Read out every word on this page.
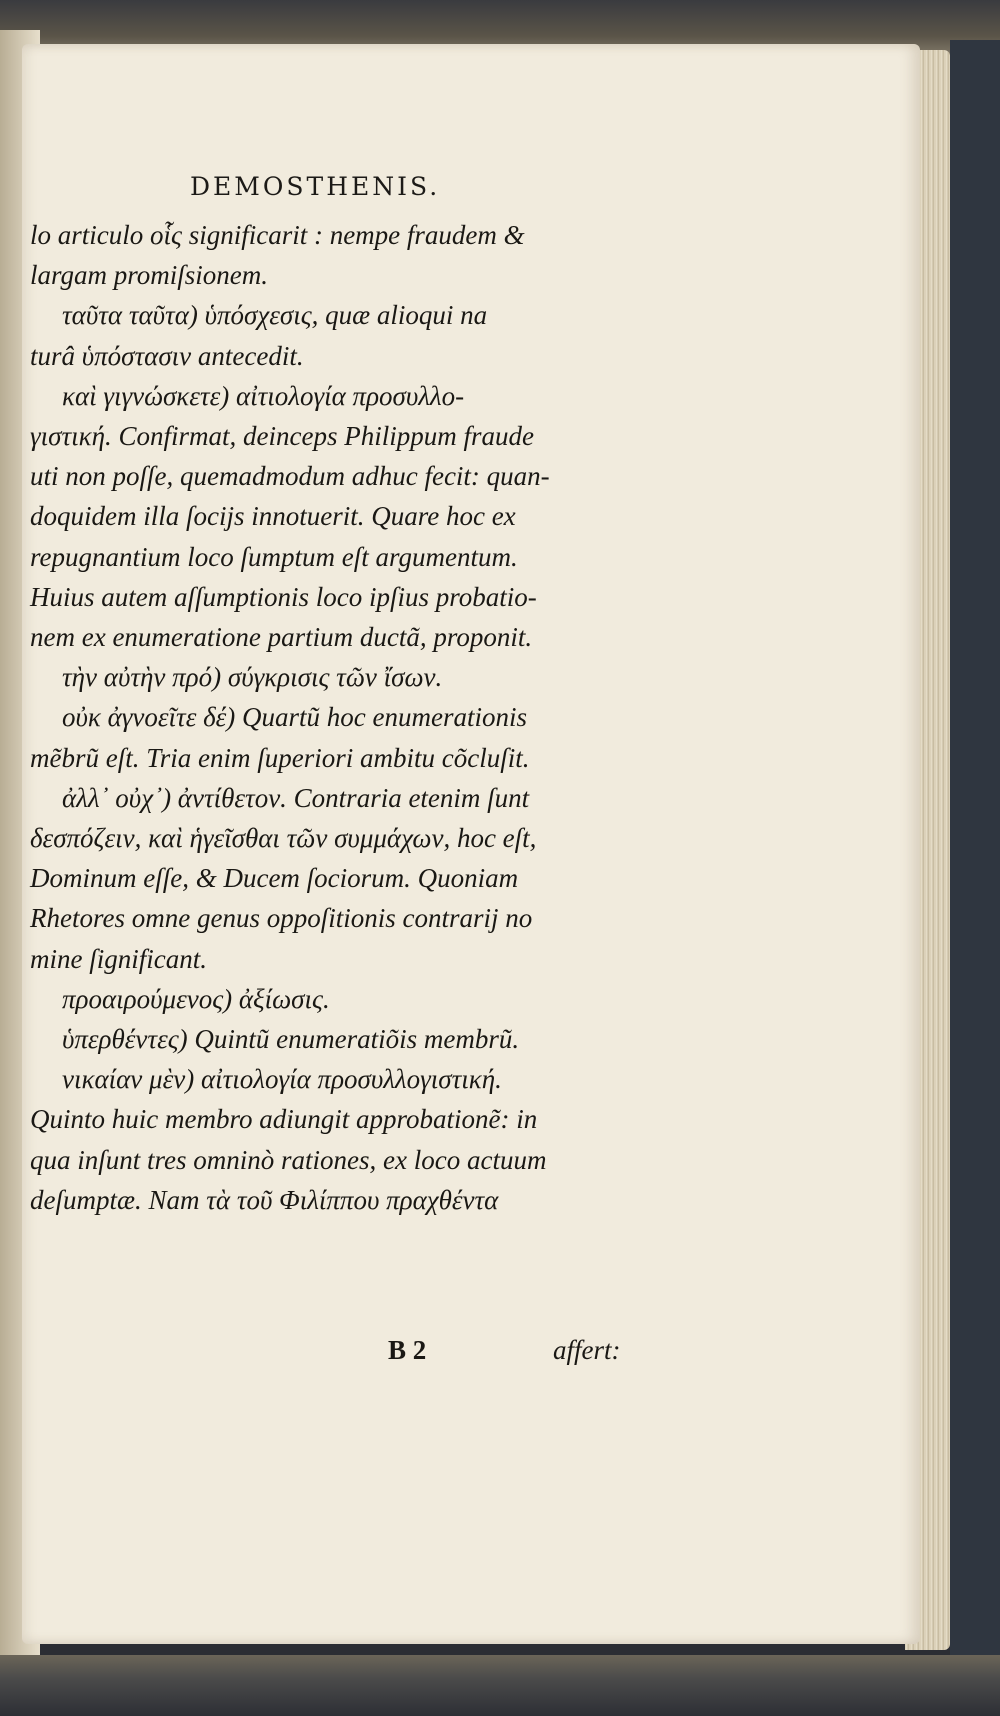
DEMOSTHENIS.
lo articulo οἷς significarit : nempe fraudem &
largam promiſsionem.
ταῦτα ταῦτα) ὑπόσχεσις, quæ alioqui na
turâ ὑπόστασιν antecedit.
καὶ γιγνώσκετε) αἰτιολογία προσυλλο-
γιστική. Confirmat, deinceps Philippum fraude
uti non poſſe, quemadmodum adhuc fecit: quan-
doquidem illa ſocijs innotuerit. Quare hoc ex
repugnantium loco ſumptum eſt argumentum.
Huius autem aſſumptionis loco ipſius probatio-
nem ex enumeratione partium ductã, proponit.
τὴν αὐτὴν πρό) σύγκρισις τῶν ἴσων.
οὐκ ἀγνοεῖτε δέ) Quartũ hoc enumerationis
mẽbrũ eſt. Tria enim ſuperiori ambitu cõcluſit.
ἀλλ᾽ οὐχ᾽) ἀντίθετον. Contraria etenim ſunt
δεσπόζειν, καὶ ἡγεῖσθαι τῶν συμμάχων, hoc eſt,
Dominum eſſe, & Ducem ſociorum. Quoniam
Rhetores omne genus oppoſitionis contrarij no
mine ſignificant.
προαιρούμενος) ἀξίωσις.
ὑπερθέντες) Quintũ enumeratiõis membrũ.
νικαίαν μὲν) αἰτιολογία προσυλλογιστική.
Quinto huic membro adiungit approbationẽ: in
qua inſunt tres omninò rationes, ex loco actuum
deſumptæ. Nam τὰ τοῦ Φιλίππου πραχθέντα
B 2	affert:
